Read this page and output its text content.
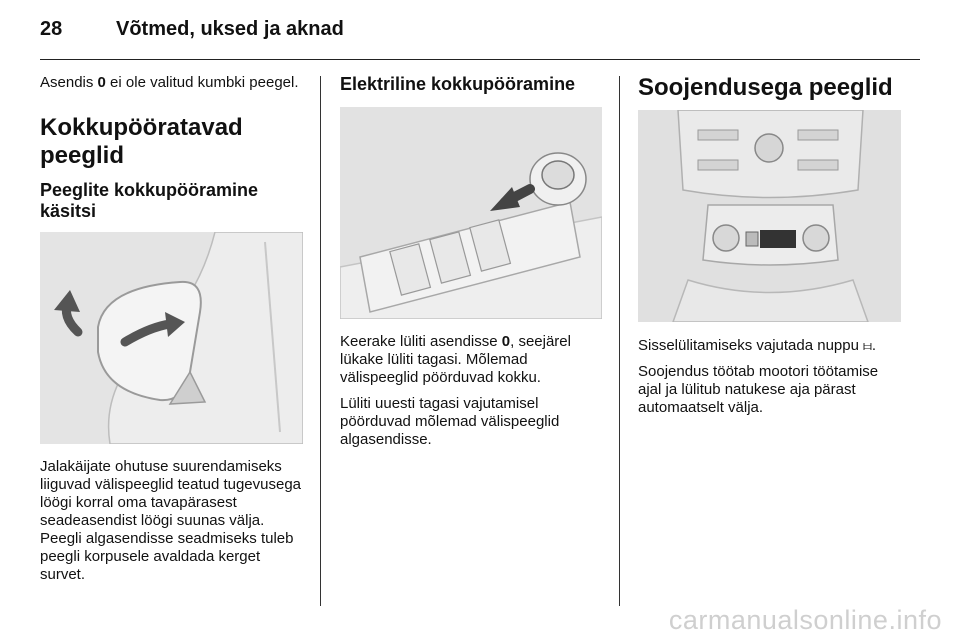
28	Võtmed, uksed ja aknad

Asendis 0 ei ole valitud kumbki peegel.

Kokkupööratavad peeglid
Peeglite kokkupööramine käsitsi

Jalakäijate ohutuse suurendamiseks liiguvad välispeeglid teatud tugevusega löögi korral oma tavapärasest seadeasendist löögi suunas välja. Peegli algasendisse seadmiseks tuleb peegli korpusele avaldada kerget survet.

Elektriline kokkupööramine

Keerake lüliti asendisse 0, seejärel lükake lüliti tagasi. Mõlemad välispeeglid pöörduvad kokku.

Lüliti uuesti tagasi vajutamisel pöörduvad mõlemad välispeeglid algasendisse.

Soojendusega peeglid

Sisselülitamiseks vajutada nuppu ⧦.

Soojendus töötab mootori töötamise ajal ja lülitub natukese aja pärast automaatselt välja.

carmanualsonline.info
